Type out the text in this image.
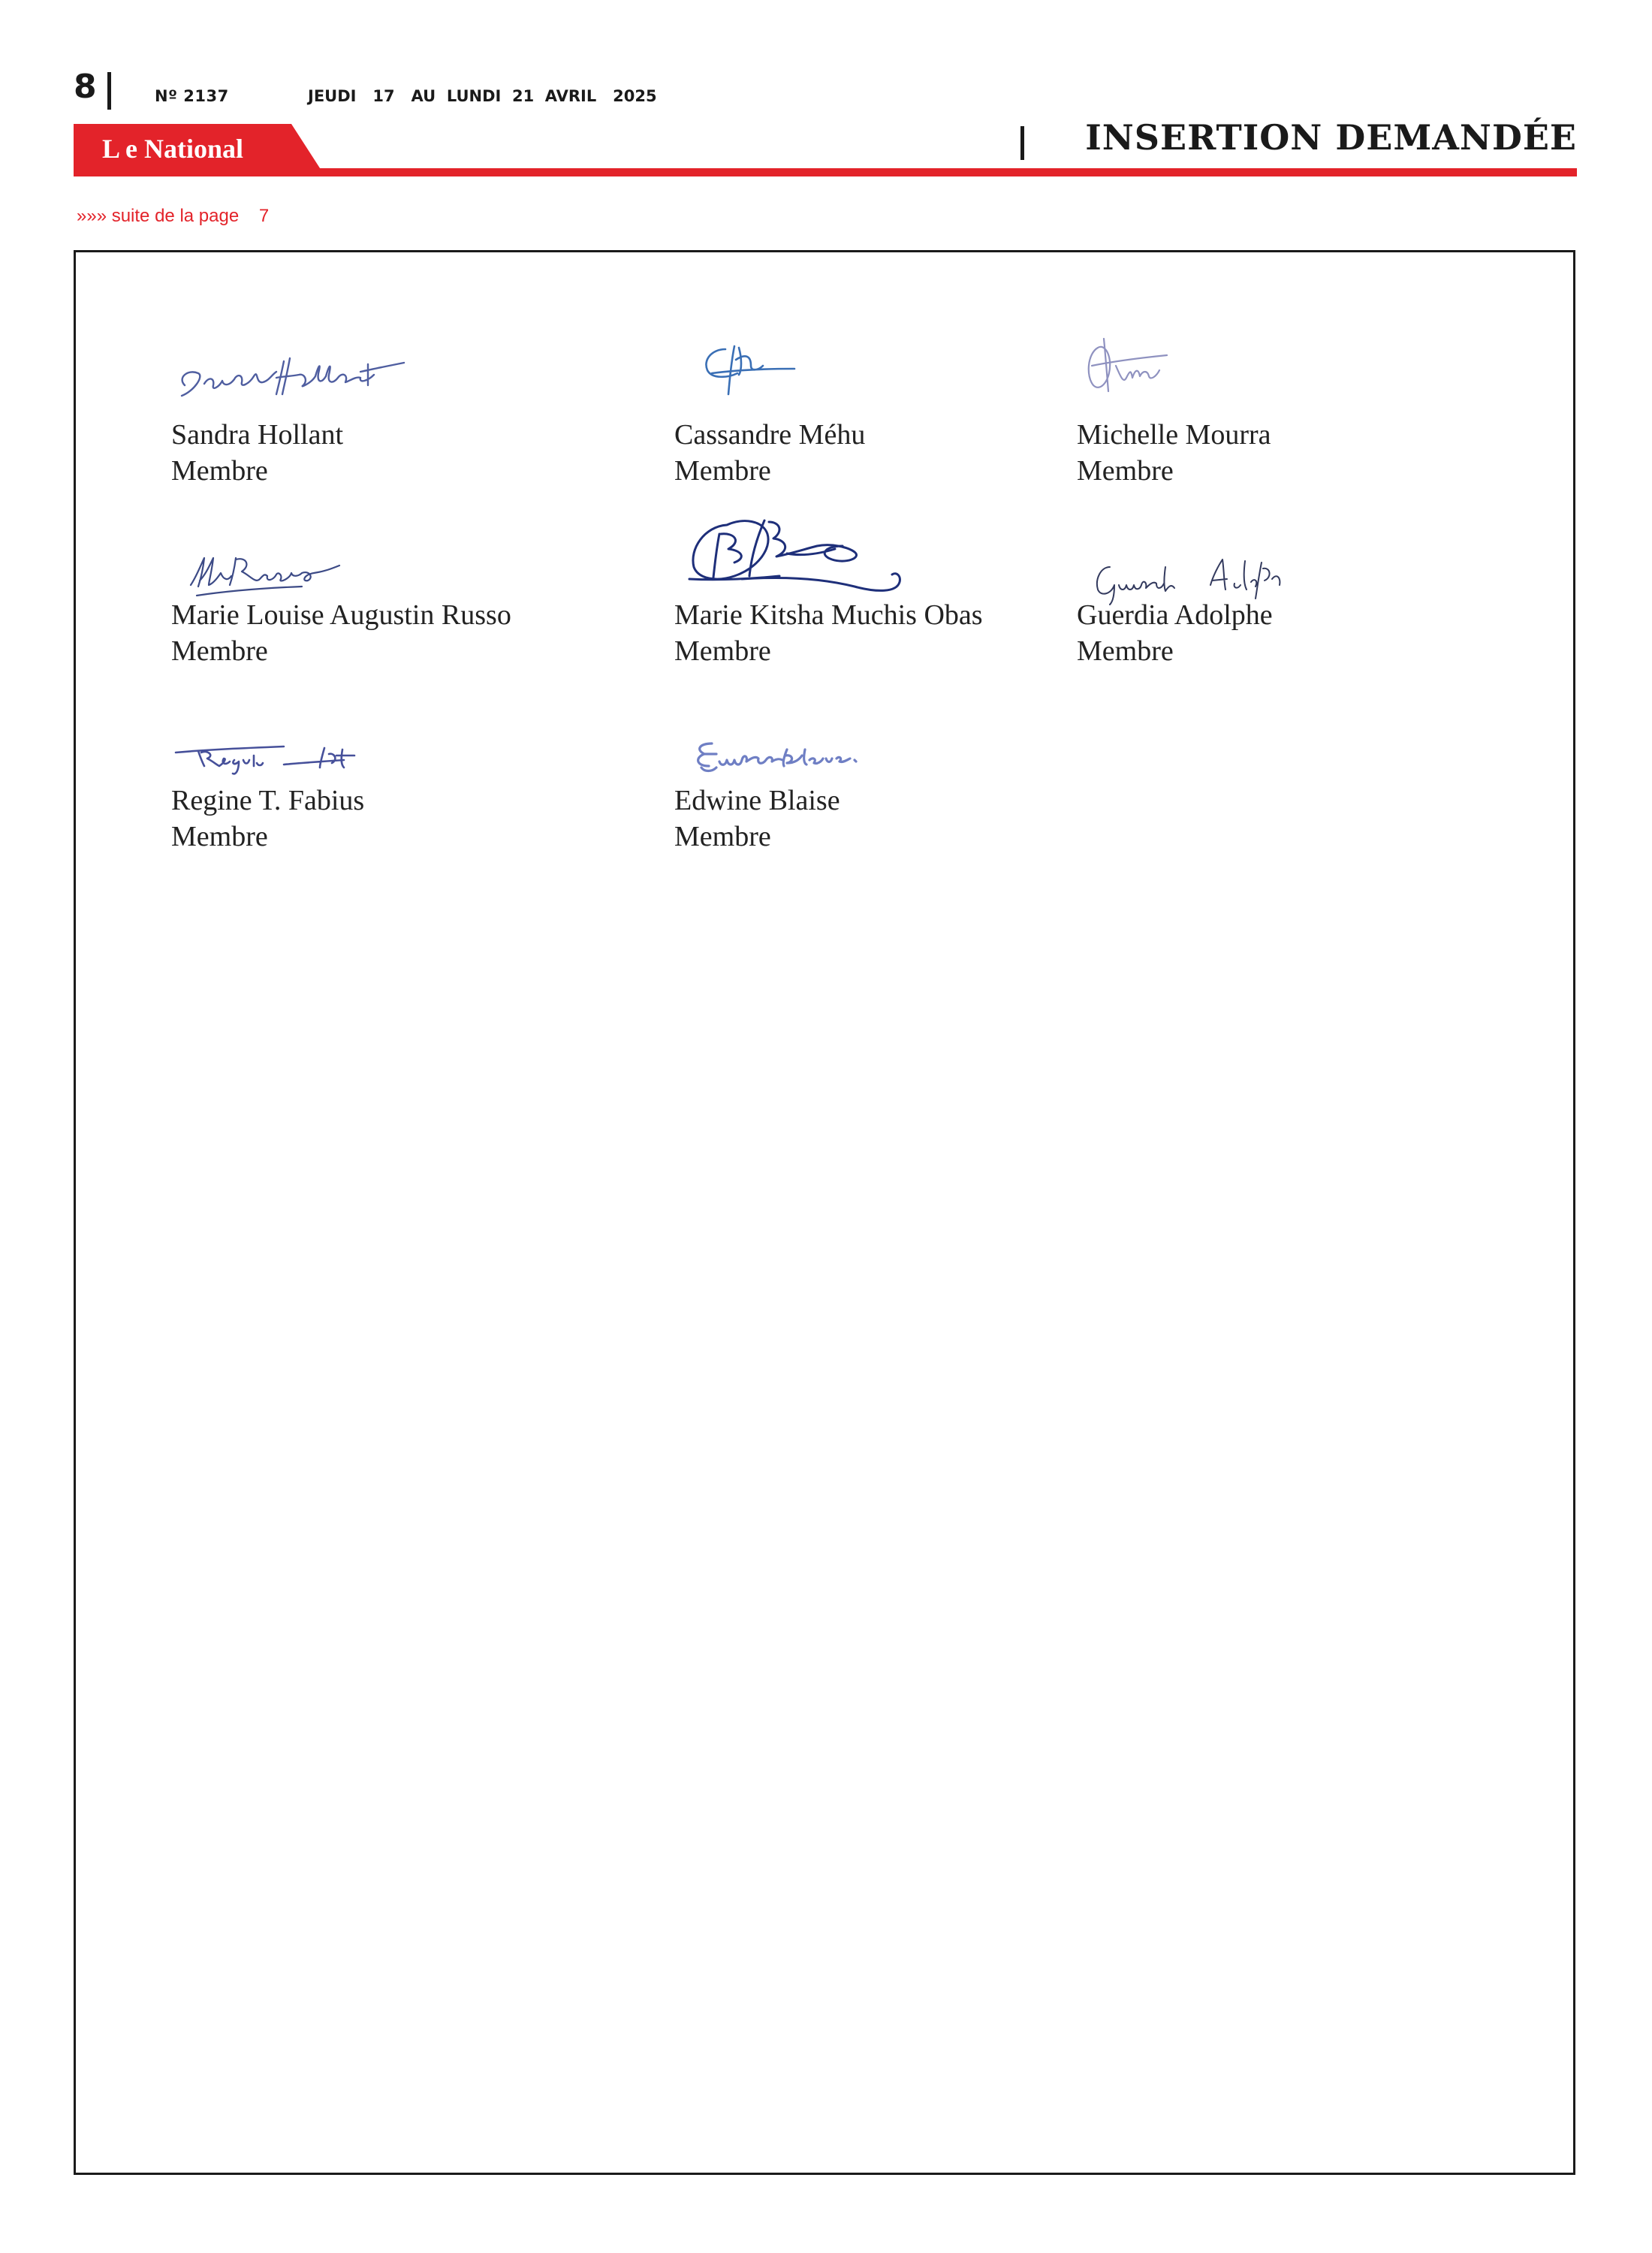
8	Nº 2137	JEUDI   17   AU  LUNDI  21  AVRIL   2025
L e National	INSERTION DEMANDÉE
»»» suite de la page    7
Sandra Hollant
Membre
Cassandre Méhu
Membre
Michelle Mourra
Membre
Marie Louise Augustin Russo
Membre
Marie Kitsha Muchis Obas
Membre
Guerdia Adolphe
Membre
Regine T. Fabius
Membre
Edwine Blaise
Membre
